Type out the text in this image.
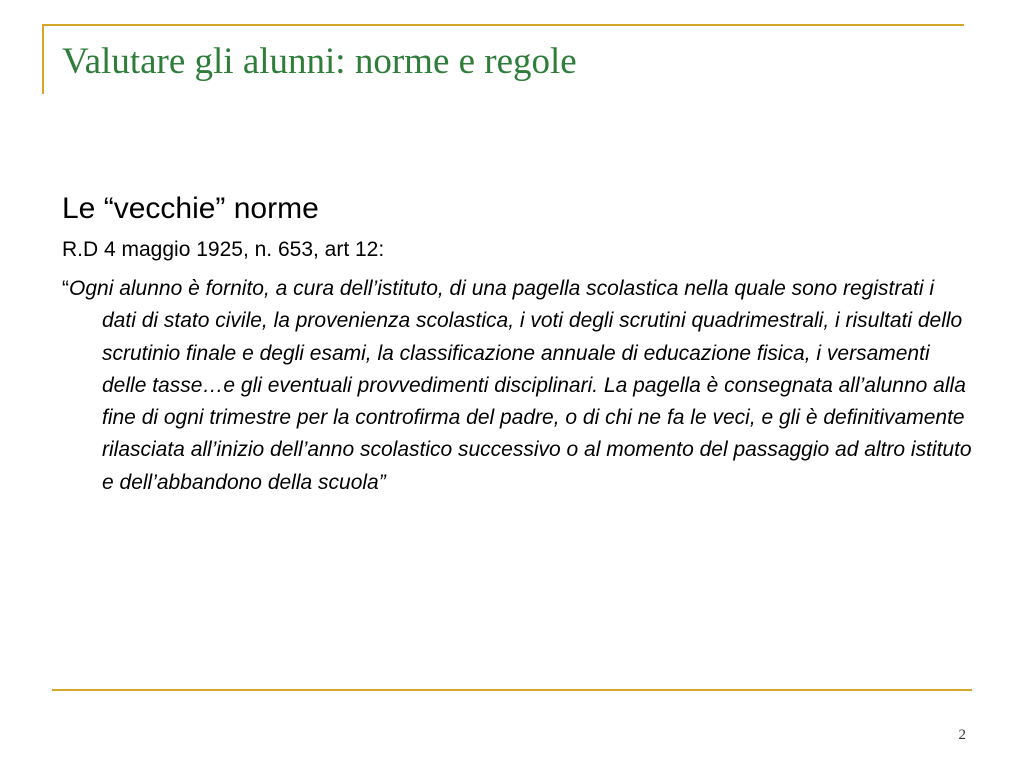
Valutare gli alunni: norme e regole
Le “vecchie” norme

R.D 4 maggio 1925, n. 653, art 12:

“Ogni alunno è fornito, a cura dell’istituto, di una pagella scolastica nella quale sono registrati i dati di stato civile, la provenienza scolastica, i voti degli scrutini quadrimestrali, i risultati dello scrutinio finale e degli esami, la classificazione annuale di educazione fisica, i versamenti delle tasse…e gli eventuali provvedimenti disciplinari. La pagella è consegnata all’alunno alla fine di ogni trimestre per la controfirma del padre, o di chi ne fa le veci, e gli è definitivamente rilasciata all’inizio dell’anno scolastico successivo o al momento del passaggio ad altro istituto e dell’abbandono della scuola”

2
